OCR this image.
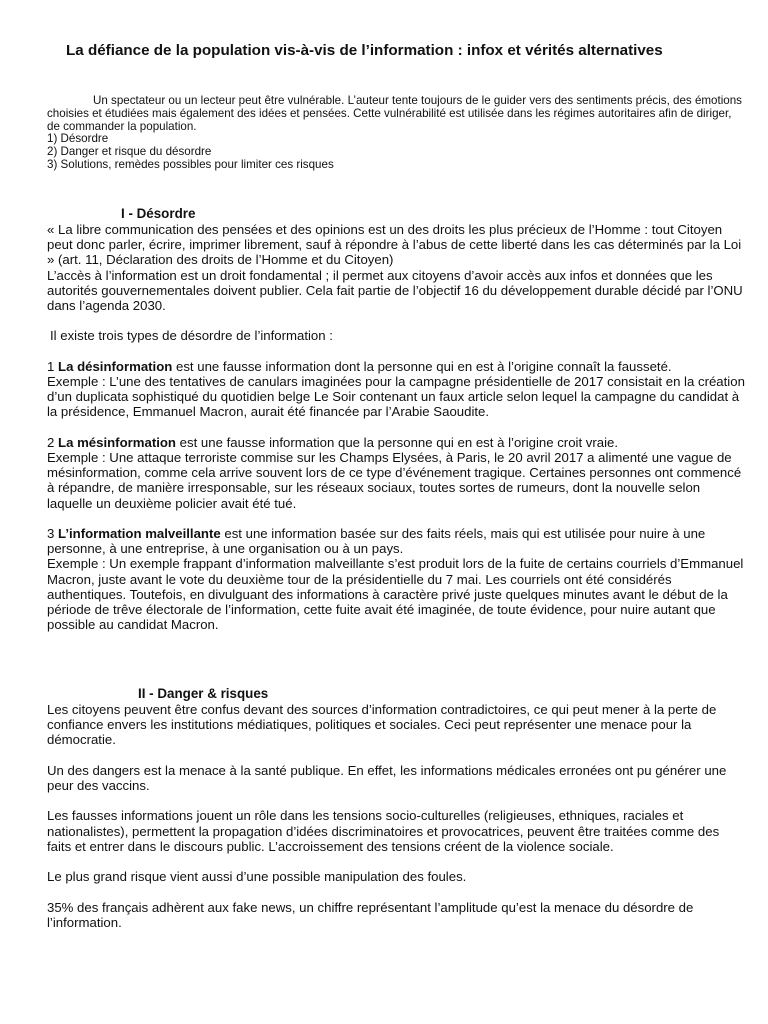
La défiance de la population vis-à-vis de l’information : infox et vérités alternatives

Un spectateur ou un lecteur peut être vulnérable. L’auteur tente toujours de le guider vers des sentiments précis, des émotions choisies et étudiées mais également des idées et pensées. Cette vulnérabilité est utilisée dans les régimes autoritaires afin de diriger, de commander la population.

1) Désordre
2) Danger et risque du désordre
3) Solutions, remèdes possibles pour limiter ces risques
I - Désordre

« La libre communication des pensées et des opinions est un des droits les plus précieux de l’Homme : tout Citoyen peut donc parler, écrire, imprimer librement, sauf à répondre à l’abus de cette liberté dans les cas déterminés par la Loi » (art. 11, Déclaration des droits de l’Homme et du Citoyen)

L’accès à l’information est un droit fondamental ; il permet aux citoyens d’avoir accès aux infos et données que les autorités gouvernementales doivent publier. Cela fait partie de l’objectif 16 du développement durable décidé par l’ONU dans l’agenda 2030.

Il existe trois types de désordre de l’information :

1 La désinformation est une fausse information dont la personne qui en est à l’origine connaît la fausseté.

Exemple : L’une des tentatives de canulars imaginées pour la campagne présidentielle de 2017 consistait en la création d’un duplicata sophistiqué du quotidien belge Le Soir contenant un faux article selon lequel la campagne du candidat à la présidence, Emmanuel Macron, aurait été financée par l’Arabie Saoudite.

2 La mésinformation est une fausse information que la personne qui en est à l’origine croit vraie.

Exemple : Une attaque terroriste commise sur les Champs Elysées, à Paris, le 20 avril 2017 a alimenté une vague de mésinformation, comme cela arrive souvent lors de ce type d’événement tragique. Certaines personnes ont commencé à répandre, de manière irresponsable, sur les réseaux sociaux, toutes sortes de rumeurs, dont la nouvelle selon laquelle un deuxième policier avait été tué.

3 L’information malveillante est une information basée sur des faits réels, mais qui est utilisée pour nuire à une personne, à une entreprise, à une organisation ou à un pays.

Exemple : Un exemple frappant d’information malveillante s’est produit lors de la fuite de certains courriels d’Emmanuel Macron, juste avant le vote du deuxième tour de la présidentielle du 7 mai. Les courriels ont été considérés authentiques. Toutefois, en divulguant des informations à caractère privé juste quelques minutes avant le début de la période de trêve électorale de l’information, cette fuite avait été imaginée, de toute évidence, pour nuire autant que possible au candidat Macron.

II - Danger & risques

Les citoyens peuvent être confus devant des sources d’information contradictoires, ce qui peut mener à la perte de confiance envers les institutions médiatiques, politiques et sociales. Ceci peut représenter une menace pour la démocratie.

Un des dangers est la menace à la santé publique. En effet, les informations médicales erronées ont pu générer une peur des vaccins.

Les fausses informations jouent un rôle dans les tensions socio-culturelles (religieuses, ethniques, raciales et nationalistes), permettent la propagation d’idées discriminatoires et provocatrices, peuvent être traitées comme des faits et entrer dans le discours public. L’accroissement des tensions créent de la violence sociale.

Le plus grand risque vient aussi d’une possible manipulation des foules.

35% des français adhèrent aux fake news, un chiffre représentant l’amplitude qu’est la menace du désordre de l’information.
